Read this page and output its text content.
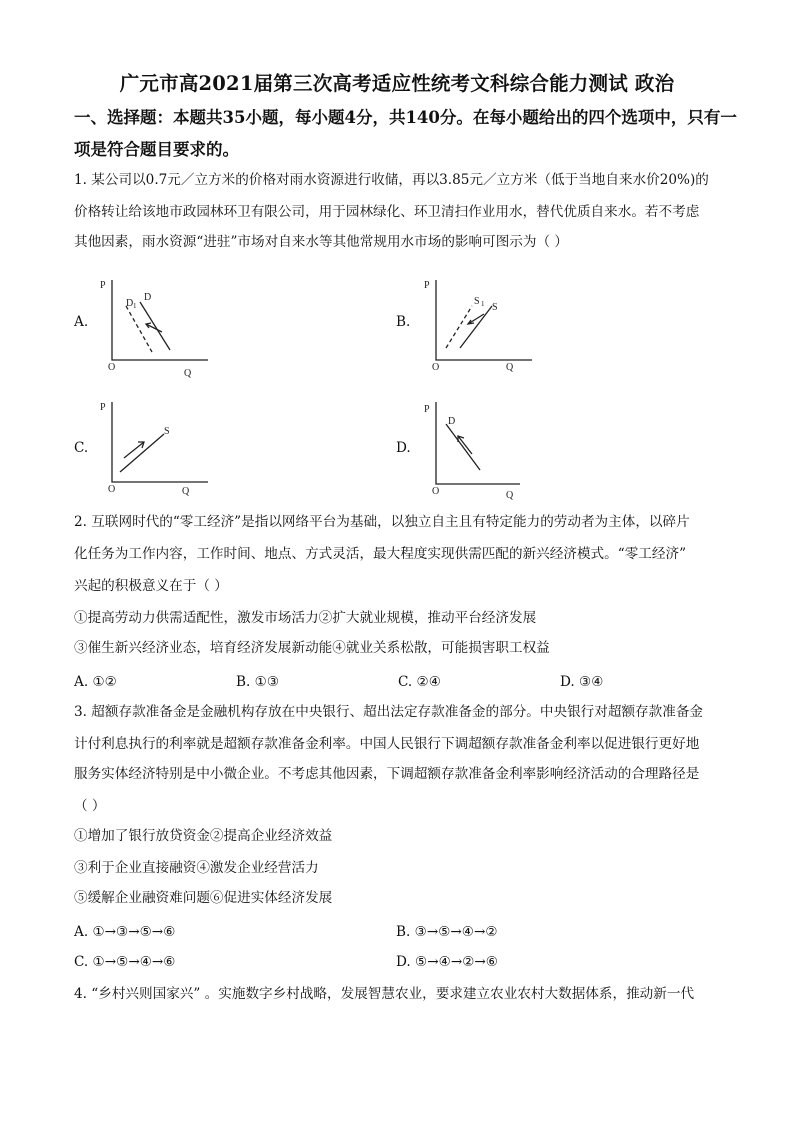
广元市高2021届第三次高考适应性统考文科综合能力测试 政治
一、选择题：本题共35小题，每小题4分，共140分。在每小题给出的四个选项中，只有一
项是符合题目要求的。
1. 某公司以0.7元／立方米的价格对雨水资源进行收储，再以3.85元／立方米（低于当地自来水价20%)的
价格转让给该地市政园林环卫有限公司，用于园林绿化、环卫清扫作业用水，替代优质自来水。若不考虑
其他因素，雨水资源“进驻”市场对自来水等其他常规用水市场的影响可图示为（ ）
A.
P
O
Q
D 1
D
B.
P
O	Q
S 1 S
C.
P
O	Q
S
D.
P
O	Q
D
2. 互联网时代的“零工经济”是指以网络平台为基础，以独立自主且有特定能力的劳动者为主体，以碎片
化任务为工作内容，工作时间、地点、方式灵活，最大程度实现供需匹配的新兴经济模式。“零工经济”
兴起的积极意义在于（ ）
①提高劳动力供需适配性，激发市场活力②扩大就业规模，推动平台经济发展
③催生新兴经济业态，培育经济发展新动能④就业关系松散，可能损害职工权益
A. ①②	B. ①③	C. ②④	D. ③④
3. 超额存款准备金是金融机构存放在中央银行、超出法定存款准备金的部分。中央银行对超额存款准备金
计付利息执行的利率就是超额存款准备金利率。中国人民银行下调超额存款准备金利率以促进银行更好地
服务实体经济特别是中小微企业。不考虑其他因素，下调超额存款准备金利率影响经济活动的合理路径是
（ ）
①增加了银行放贷资金②提高企业经济效益
③利于企业直接融资④激发企业经营活力
⑤缓解企业融资难问题⑥促进实体经济发展
A. ①→③→⑤→⑥	B. ③→⑤→④→②
C. ①→⑤→④→⑥	D. ⑤→④→②→⑥
4. “乡村兴则国家兴” 。实施数字乡村战略，发展智慧农业，要求建立农业农村大数据体系，推动新一代
